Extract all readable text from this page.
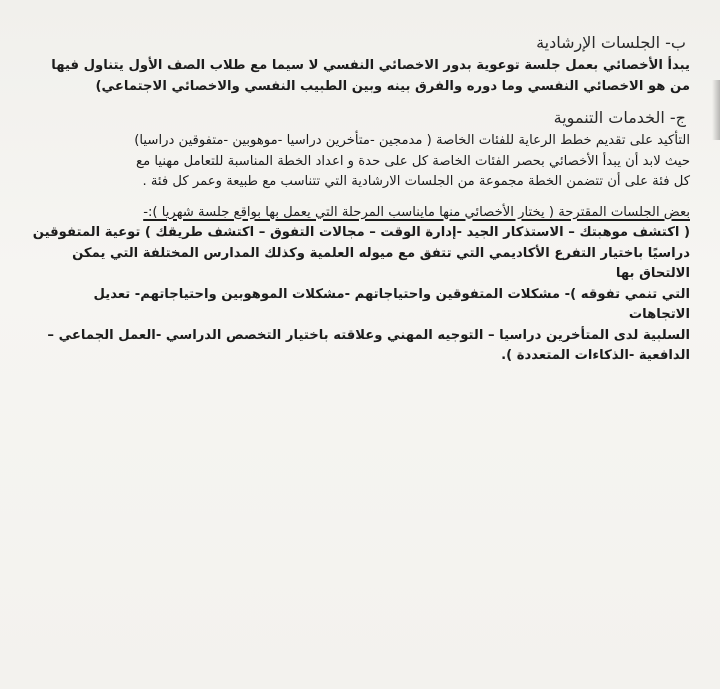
ب- الجلسات الإرشادية

يبدأ الأخصائي بعمل جلسة توعوية بدور الاخصائي النفسي لا سيما مع طلاب الصف الأول يتناول فيها

من هو الاخصائي النفسي وما دوره والفرق بينه وبين الطبيب النفسي والاخصائي الاجتماعي)

ج- الخدمات التنموية

التأكيد على تقديم خطط الرعاية للفئات الخاصة ( مدمجين -متأخرين دراسيا -موهوبين -متفوقين دراسيا)

حيث لابد أن يبدأ الأخصائي بحصر الفئات الخاصة كل على حدة و اعداد الخطة المناسبة للتعامل مهنيا مع

كل فئة على أن تتضمن الخطة مجموعة من الجلسات الارشادية التي تتناسب مع طبيعة وعمر كل فئة .

بعض الجلسات المقترحة ( يختار الأخصائي منها مايناسب المرحلة التي يعمل بها بواقع جلسة شهريا ):-

( اكتشف موهبتك – الاستذكار الجيد -إدارة الوقت – مجالات التفوق – اكتشف طريقك ) توعية المتفوقين

دراسيًا باختيار التفرع الأكاديمي التي تتفق مع ميوله العلمية وكذلك المدارس المختلفة التي يمكن الالتحاق بها

التي تنمي تفوقه )- مشكلات المتفوقين واحتياجاتهم -مشكلات الموهوبين واحتياجاتهم- تعديل الاتجاهات

السلبية لدى المتأخرين دراسيا – التوجيه المهني وعلاقته باختيار التخصص الدراسي -العمل الجماعي –

الدافعية -الذكاءات المتعددة ).
